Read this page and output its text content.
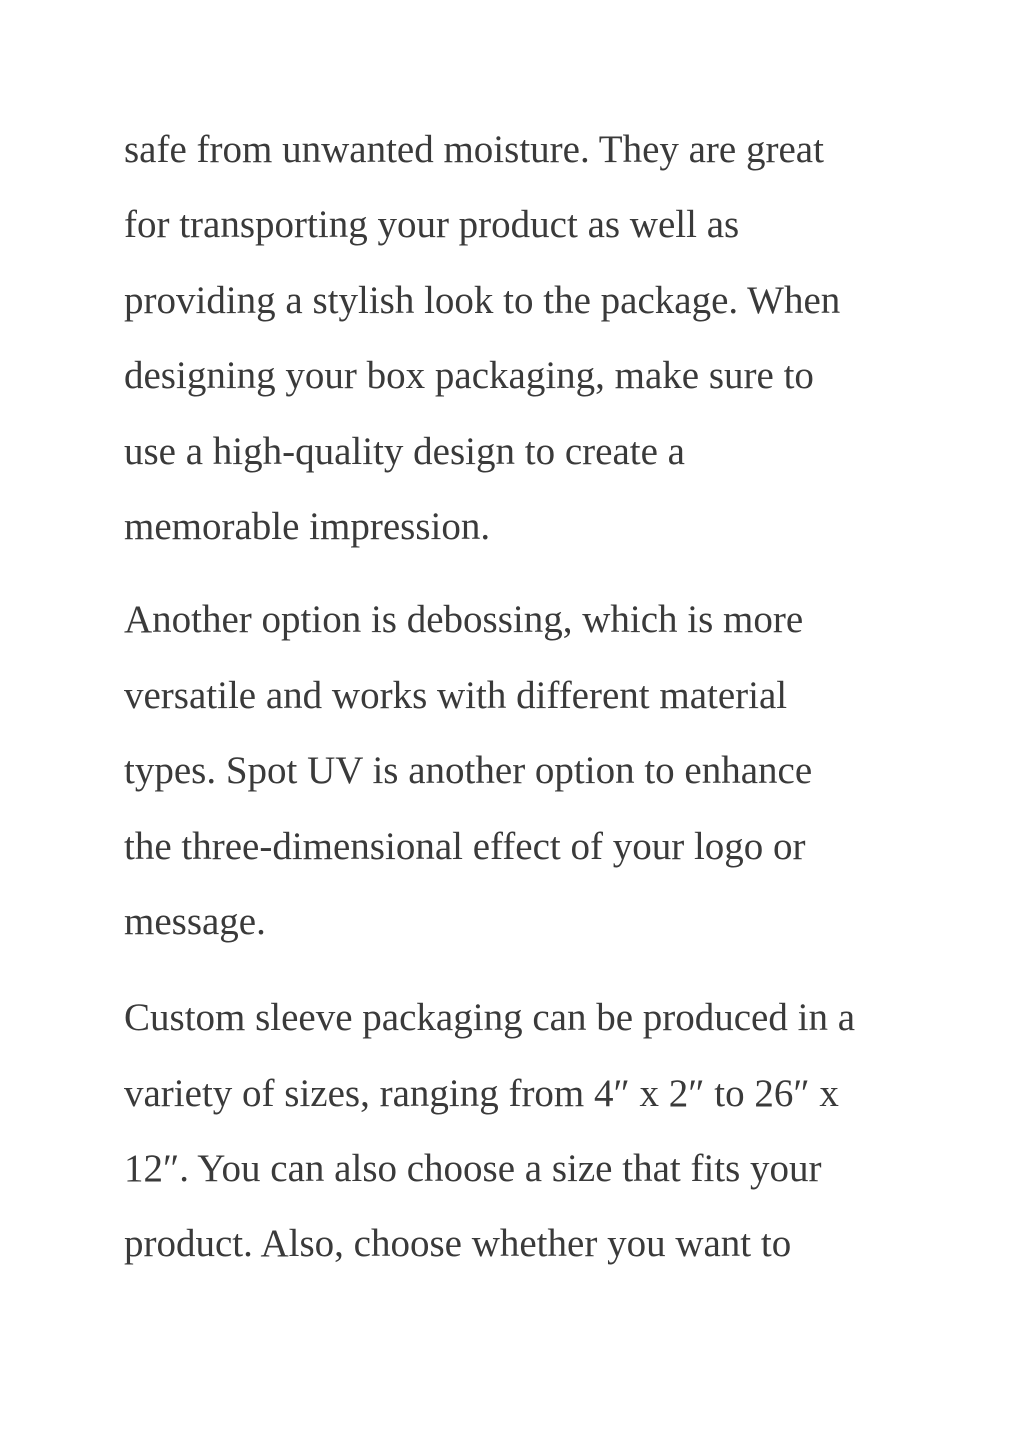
safe from unwanted moisture. They are great
for transporting your product as well as
providing a stylish look to the package. When
designing your box packaging, make sure to
use a high-quality design to create a
memorable impression.
Another option is debossing, which is more
versatile and works with different material
types. Spot UV is another option to enhance
the three-dimensional effect of your logo or
message.
Custom sleeve packaging can be produced in a
variety of sizes, ranging from 4″ x 2″ to 26″ x
12″. You can also choose a size that fits your
product. Also, choose whether you want to
